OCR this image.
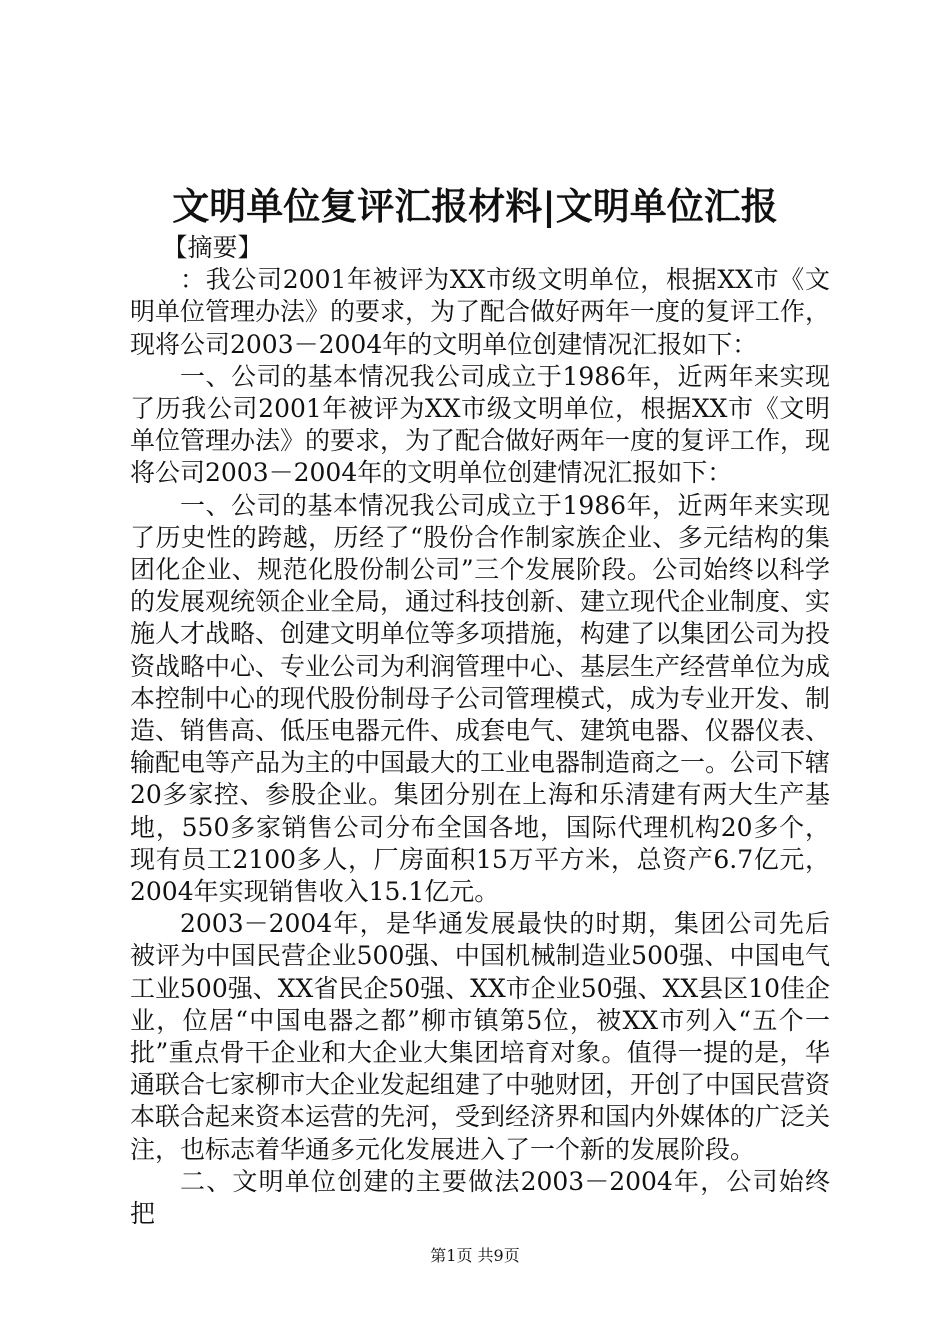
文明单位复评汇报材料|文明单位汇报

【摘要】

：我公司2001年被评为XX市级文明单位，根据XX市《文明单位管理办法》的要求，为了配合做好两年一度的复评工作，现将公司2003－2004年的文明单位创建情况汇报如下：

一、公司的基本情况我公司成立于1986年，近两年来实现了历我公司2001年被评为XX市级文明单位，根据XX市《文明单位管理办法》的要求，为了配合做好两年一度的复评工作，现将公司2003－2004年的文明单位创建情况汇报如下：

一、公司的基本情况我公司成立于1986年，近两年来实现了历史性的跨越，历经了“股份合作制家族企业、多元结构的集团化企业、规范化股份制公司”三个发展阶段。公司始终以科学的发展观统领企业全局，通过科技创新、建立现代企业制度、实施人才战略、创建文明单位等多项措施，构建了以集团公司为投资战略中心、专业公司为利润管理中心、基层生产经营单位为成本控制中心的现代股份制母子公司管理模式，成为专业开发、制造、销售高、低压电器元件、成套电气、建筑电器、仪器仪表、输配电等产品为主的中国最大的工业电器制造商之一。公司下辖20多家控、参股企业。集团分别在上海和乐清建有两大生产基地，550多家销售公司分布全国各地，国际代理机构20多个，现有员工2100多人，厂房面积15万平方米，总资产6.7亿元，2004年实现销售收入15.1亿元。

2003－2004年，是华通发展最快的时期，集团公司先后被评为中国民营企业500强、中国机械制造业500强、中国电气工业500强、XX省民企50强、XX市企业50强、XX县区10佳企业，位居“中国电器之都”柳市镇第5位，被XX市列入“五个一批”重点骨干企业和大企业大集团培育对象。值得一提的是，华通联合七家柳市大企业发起组建了中驰财团，开创了中国民营资本联合起来资本运营的先河，受到经济界和国内外媒体的广泛关注，也标志着华通多元化发展进入了一个新的发展阶段。

二、文明单位创建的主要做法2003－2004年，公司始终把

第1页 共9页
